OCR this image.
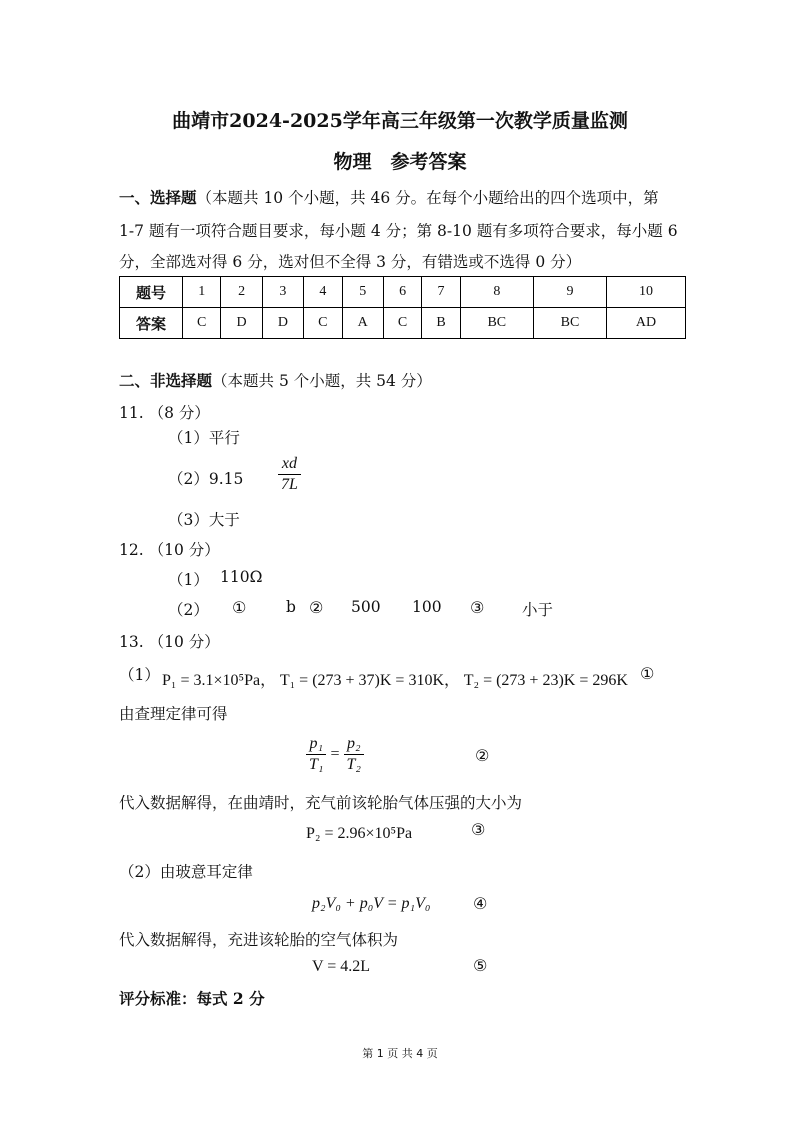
曲靖市2024-2025学年高三年级第一次教学质量监测
物理　参考答案
一、选择题（本题共 10 个小题，共 46 分。在每个小题给出的四个选项中，第
1-7 题有一项符合题目要求，每小题 4 分；第 8-10 题有多项符合要求，每小题 6
分，全部选对得 6 分，选对但不全得 3 分，有错选或不选得 0 分）
题号	1	2	3	4	5	6	7	8	9	10
答案	C	D	D	C	A	C	B	BC	BC	AD
二、非选择题（本题共 5 个小题，共 54 分）
11. （8 分）
（1）平行
$(2)9.15 \frac{xd}{7L}$
（3）大于
12. （10 分）
（1） 110Ω
（2） ①	b ② 500 100 ③ 小于
13. （10 分）
（1） P₁ = 3.1×10⁵Pa， T₁ = (273 + 37)K = 310K， T₂ = (273 + 23)K = 296K ①
由查理定律可得
$\frac{\text{p₁}}{\text{T₁}} = \frac{\text{p₂}}{\text{T₂}}$	②
代入数据解得，在曲靖时，充气前该轮胎气体压强的大小为
P₂ = 2.96×10⁵Pa	③
（2）由玻意耳定律
p₂V₀ + p₀V = p₁V₀	④
代入数据解得，充进该轮胎的空气体积为
V = 4.2L	⑤
评分标准：每式 2 分
第 1 页 共 4 页
